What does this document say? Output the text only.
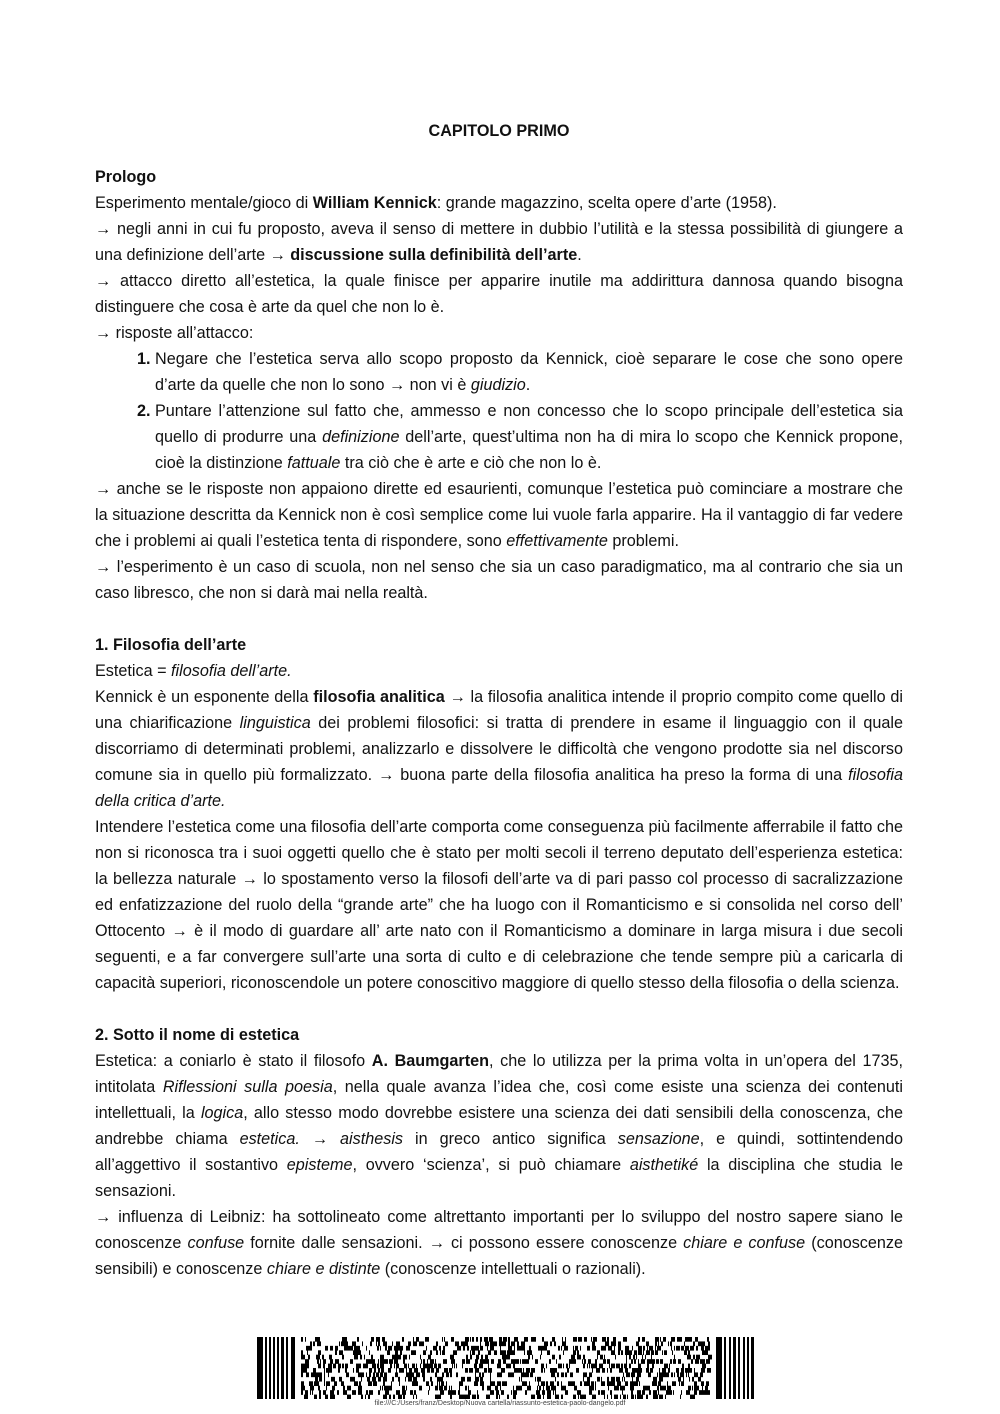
CAPITOLO PRIMO
Prologo

Esperimento mentale/gioco di William Kennick: grande magazzino, scelta opere d’arte (1958).

→ negli anni in cui fu proposto, aveva il senso di mettere in dubbio l’utilità e la stessa possibilità di giungere a una definizione dell’arte → discussione sulla definibilità dell’arte.

→ attacco diretto all’estetica, la quale finisce per apparire inutile ma addirittura dannosa quando bisogna distinguere che cosa è arte da quel che non lo è.

→ risposte all’attacco:

1. Negare che l’estetica serva allo scopo proposto da Kennick, cioè separare le cose che sono opere d’arte da quelle che non lo sono → non vi è giudizio.
2. Puntare l’attenzione sul fatto che, ammesso e non concesso che lo scopo principale dell’estetica sia quello di produrre una definizione dell’arte, quest’ultima non ha di mira lo scopo che Kennick propone, cioè la distinzione fattuale tra ciò che è arte e ciò che non lo è.

→ anche se le risposte non appaiono dirette ed esaurienti, comunque l’estetica può cominciare a mostrare che la situazione descritta da Kennick non è così semplice come lui vuole farla apparire. Ha il vantaggio di far vedere che i problemi ai quali l’estetica tenta di rispondere, sono effettivamente problemi.

→ l’esperimento è un caso di scuola, non nel senso che sia un caso paradigmatico, ma al contrario che sia un caso libresco, che non si darà mai nella realtà.

1. Filosofia dell’arte

Estetica = filosofia dell’arte.

Kennick è un esponente della filosofia analitica → la filosofia analitica intende il proprio compito come quello di una chiarificazione linguistica dei problemi filosofici: si tratta di prendere in esame il linguaggio con il quale discorriamo di determinati problemi, analizzarlo e dissolvere le difficoltà che vengono prodotte sia nel discorso comune sia in quello più formalizzato. → buona parte della filosofia analitica ha preso la forma di una filosofia della critica d’arte.

Intendere l’estetica come una filosofia dell’arte comporta come conseguenza più facilmente afferrabile il fatto che non si riconosca tra i suoi oggetti quello che è stato per molti secoli il terreno deputato dell’esperienza estetica: la bellezza naturale → lo spostamento verso la filosofi dell’arte va di pari passo col processo di sacralizzazione ed enfatizzazione del ruolo della “grande arte” che ha luogo con il Romanticismo e si consolida nel corso dell’ Ottocento → è il modo di guardare all’ arte nato con il Romanticismo a dominare in larga misura i due secoli seguenti, e a far convergere sull’arte una sorta di culto e di celebrazione che tende sempre più a caricarla di capacità superiori, riconoscendole un potere conoscitivo maggiore di quello stesso della filosofia o della scienza.

2. Sotto il nome di estetica

Estetica: a coniarlo è stato il filosofo A. Baumgarten, che lo utilizza per la prima volta in un’opera del 1735, intitolata Riflessioni sulla poesia, nella quale avanza l’idea che, così come esiste una scienza dei contenuti intellettuali, la logica, allo stesso modo dovrebbe esistere una scienza dei dati sensibili della conoscenza, che andrebbe chiama estetica. → aisthesis in greco antico significa sensazione, e quindi, sottintendendo all’aggettivo il sostantivo episteme, ovvero ‘scienza’, si può chiamare aisthetiké la disciplina che studia le sensazioni.

→ influenza di Leibniz: ha sottolineato come altrettanto importanti per lo sviluppo del nostro sapere siano le conoscenze confuse fornite dalle sensazioni. → ci possono essere conoscenze chiare e confuse (conoscenze sensibili) e conoscenze chiare e distinte (conoscenze intellettuali o razionali).

file:///C:/Users/franz/Desktop/Nuova cartella/riassunto-estetica-paolo-dangelo.pdf
